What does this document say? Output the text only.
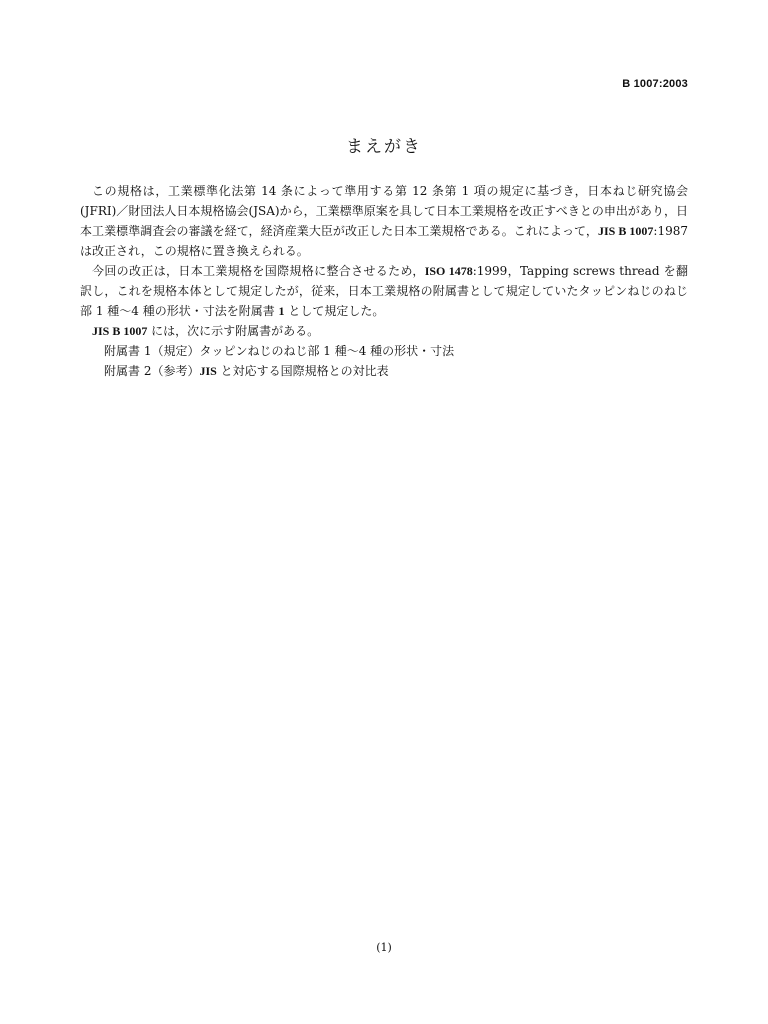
B 1007:2003
まえがき

この規格は，工業標準化法第 14 条によって準用する第 12 条第 1 項の規定に基づき，日本ねじ研究協会 (JFRI)／財団法人日本規格協会(JSA)から，工業標準原案を具して日本工業規格を改正すべきとの申出があり，日本工業標準調査会の審議を経て，経済産業大臣が改正した日本工業規格である。これによって，JIS B 1007:1987 は改正され，この規格に置き換えられる。

今回の改正は，日本工業規格を国際規格に整合させるため，ISO 1478:1999，Tapping screws thread を翻訳し，これを規格本体として規定したが，従来，日本工業規格の附属書として規定していたタッピンねじのねじ部 1 種～4 種の形状・寸法を附属書 1 として規定した。

JIS B 1007 には，次に示す附属書がある。

附属書 1（規定）タッピンねじのねじ部 1 種～4 種の形状・寸法
附属書 2（参考）JIS と対応する国際規格との対比表
(1)
